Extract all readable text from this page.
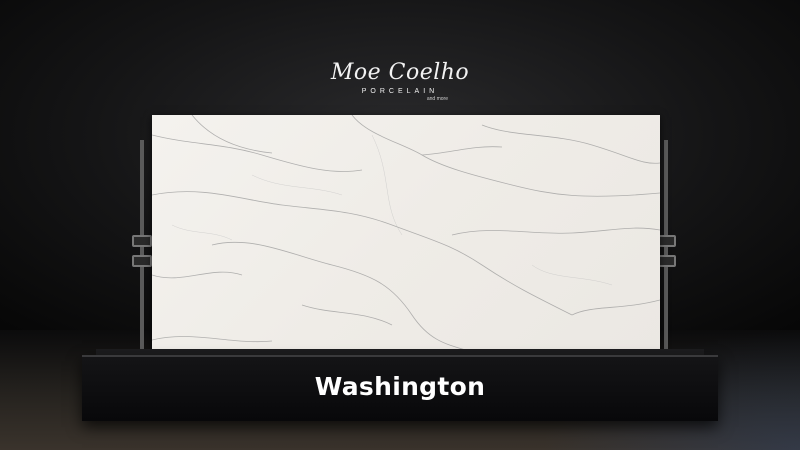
Moe Coelho
PORCELAIN
and more
Washington
